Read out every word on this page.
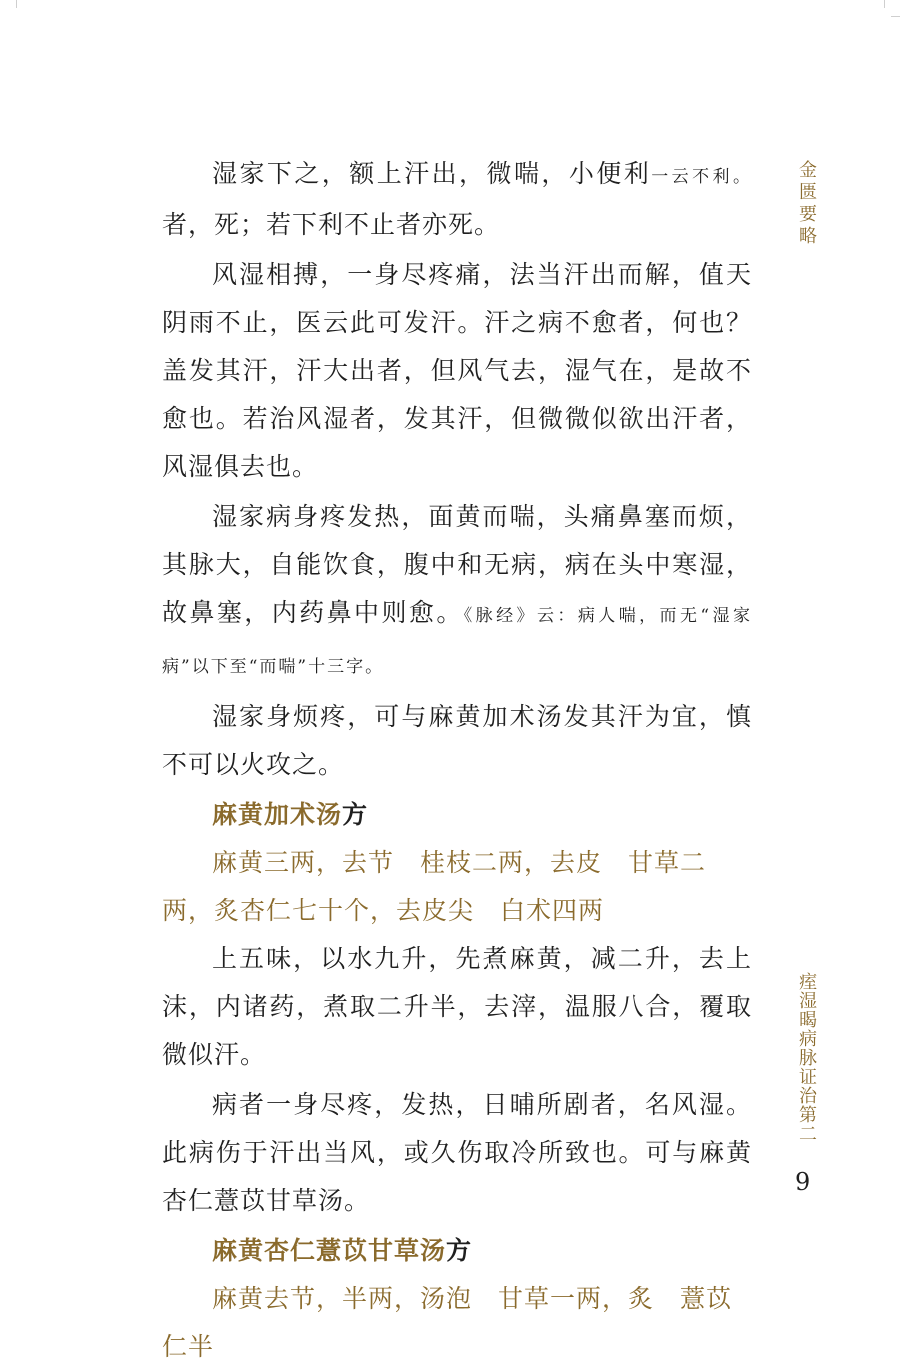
金匮要略
痓湿暍病脉证治第二
9

湿家下之，额上汗出，微喘，小便利一云不利。者，死；若下利不止者亦死。

风湿相搏，一身尽疼痛，法当汗出而解，值天阴雨不止，医云此可发汗。汗之病不愈者，何也？盖发其汗，汗大出者，但风气去，湿气在，是故不愈也。若治风湿者，发其汗，但微微似欲出汗者，风湿俱去也。

湿家病身疼发热，面黄而喘，头痛鼻塞而烦，其脉大，自能饮食，腹中和无病，病在头中寒湿，故鼻塞，内药鼻中则愈。《脉经》云：病人喘，而无“湿家病”以下至“而喘”十三字。

湿家身烦疼，可与麻黄加术汤发其汗为宜，慎不可以火攻之。

麻黄加术汤方

麻黄三两，去节 桂枝二两，去皮 甘草二两，炙杏仁七十个，去皮尖 白术四两

上五味，以水九升，先煮麻黄，减二升，去上沫，内诸药，煮取二升半，去滓，温服八合，覆取微似汗。

病者一身尽疼，发热，日晡所剧者，名风湿。此病伤于汗出当风，或久伤取冷所致也。可与麻黄杏仁薏苡甘草汤。

麻黄杏仁薏苡甘草汤方

麻黄去节，半两，汤泡 甘草一两，炙 薏苡仁半
